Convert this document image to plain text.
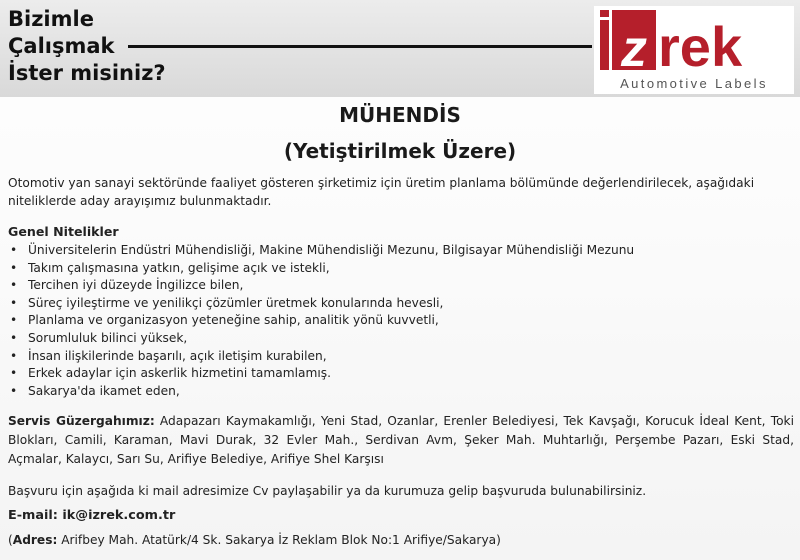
Bizimle
Çalışmak
İster misiniz?	z rek
Automotive Labels
MÜHENDİS
(Yetiştirilmek Üzere)

Otomotiv yan sanayi sektöründe faaliyet gösteren şirketimiz için üretim planlama bölümünde değerlendirilecek, aşağıdaki niteliklerde aday arayışımız bulunmaktadır.

Genel Nitelikler
• Üniversitelerin Endüstri Mühendisliği, Makine Mühendisliği Mezunu, Bilgisayar Mühendisliği Mezunu
• Takım çalışmasına yatkın, gelişime açık ve istekli,
• Tercihen iyi düzeyde İngilizce bilen,
• Süreç iyileştirme ve yenilikçi çözümler üretmek konularında hevesli,
• Planlama ve organizasyon yeteneğine sahip, analitik yönü kuvvetli,
• Sorumluluk bilinci yüksek,
• İnsan ilişkilerinde başarılı, açık iletişim kurabilen,
• Erkek adaylar için askerlik hizmetini tamamlamış.
• Sakarya'da ikamet eden,
Servis Güzergahımız: Adapazarı Kaymakamlığı, Yeni Stad, Ozanlar, Erenler Belediyesi, Tek Kavşağı, Korucuk İdeal Kent, Toki Blokları, Camili, Karaman, Mavi Durak, 32 Evler Mah., Serdivan Avm, Şeker Mah. Muhtarlığı, Perşembe Pazarı, Eski Stad, Açmalar, Kalaycı, Sarı Su, Arifiye Belediye, Arifiye Shel Karşısı
Başvuru için aşağıda ki mail adresimize Cv paylaşabilir ya da kurumuza gelip başvuruda bulunabilirsiniz.
E-mail: ik@izrek.com.tr
(Adres: Arifbey Mah. Atatürk/4 Sk. Sakarya İz Reklam Blok No:1 Arifiye/Sakarya)
